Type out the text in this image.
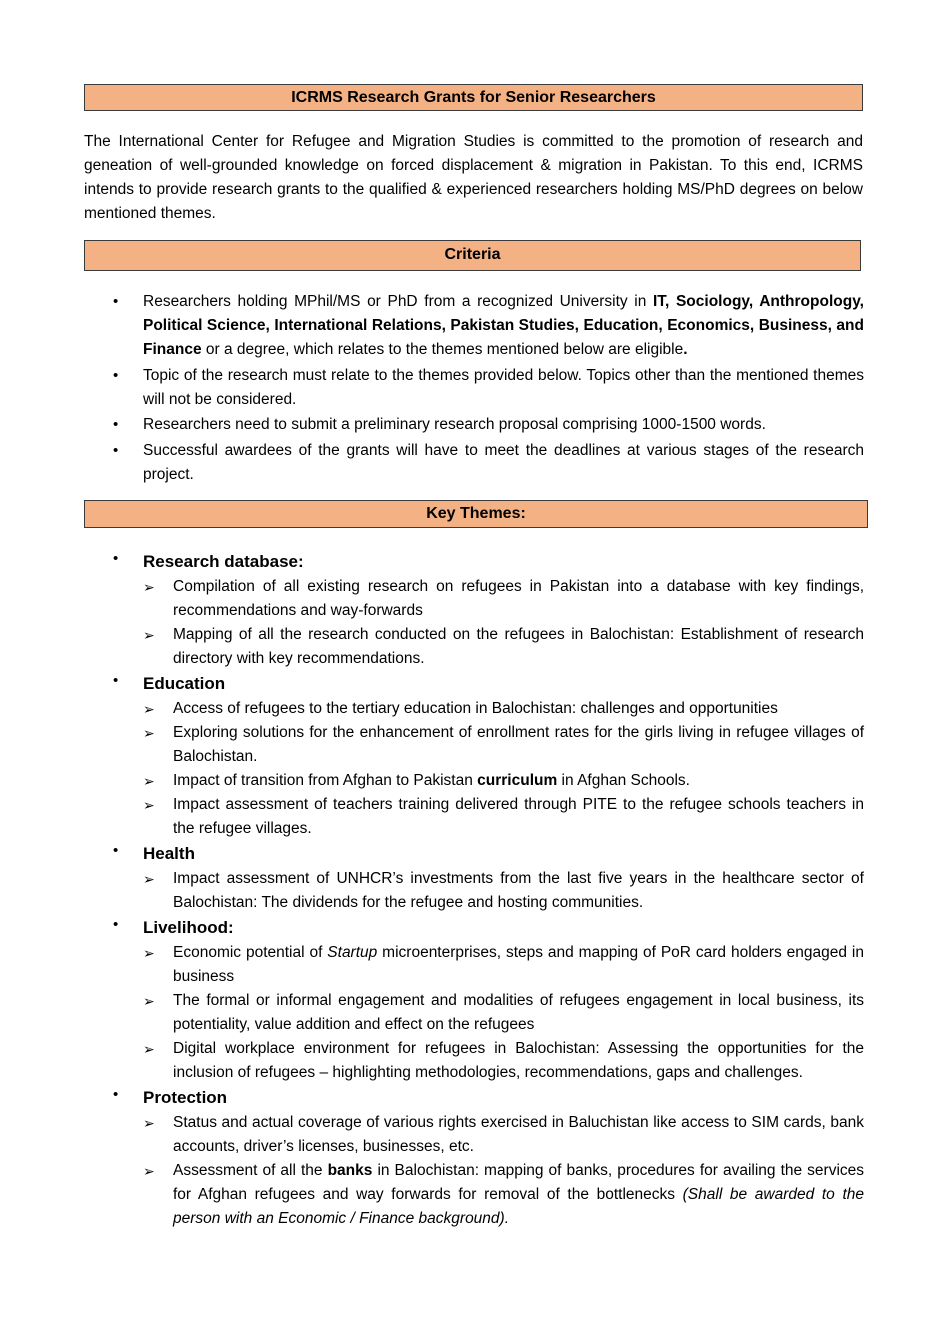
ICRMS Research Grants for Senior Researchers

The International Center for Refugee and Migration Studies is committed to the promotion of research and geneation of well-grounded knowledge on forced displacement & migration in Pakistan. To this end, ICRMS intends to provide research grants to the qualified & experienced researchers holding MS/PhD degrees on below mentioned themes.

Criteria
• Researchers holding MPhil/MS or PhD from a recognized University in IT, Sociology, Anthropology, Political Science, International Relations, Pakistan Studies, Education, Economics, Business, and Finance or a degree, which relates to the themes mentioned below are eligible.
• Topic of the research must relate to the themes provided below. Topics other than the mentioned themes will not be considered.
• Researchers need to submit a preliminary research proposal comprising 1000-1500 words.
• Successful awardees of the grants will have to meet the deadlines at various stages of the research project.
Key Themes:
• Research database:
➢ Compilation of all existing research on refugees in Pakistan into a database with key findings, recommendations and way-forwards
➢ Mapping of all the research conducted on the refugees in Balochistan: Establishment of research directory with key recommendations.
• Education
➢ Access of refugees to the tertiary education in Balochistan: challenges and opportunities
➢ Exploring solutions for the enhancement of enrollment rates for the girls living in refugee villages of Balochistan.
➢ Impact of transition from Afghan to Pakistan curriculum in Afghan Schools.
➢ Impact assessment of teachers training delivered through PITE to the refugee schools teachers in the refugee villages.
• Health
➢ Impact assessment of UNHCR’s investments from the last five years in the healthcare sector of Balochistan: The dividends for the refugee and hosting communities.
• Livelihood:
➢ Economic potential of Startup microenterprises, steps and mapping of PoR card holders engaged in business
➢ The formal or informal engagement and modalities of refugees engagement in local business, its potentiality, value addition and effect on the refugees
➢ Digital workplace environment for refugees in Balochistan: Assessing the opportunities for the inclusion of refugees – highlighting methodologies, recommendations, gaps and challenges.
• Protection
➢ Status and actual coverage of various rights exercised in Baluchistan like access to SIM cards, bank accounts, driver’s licenses, businesses, etc.
➢ Assessment of all the banks in Balochistan: mapping of banks, procedures for availing the services for Afghan refugees and way forwards for removal of the bottlenecks (Shall be awarded to the person with an Economic / Finance background).
